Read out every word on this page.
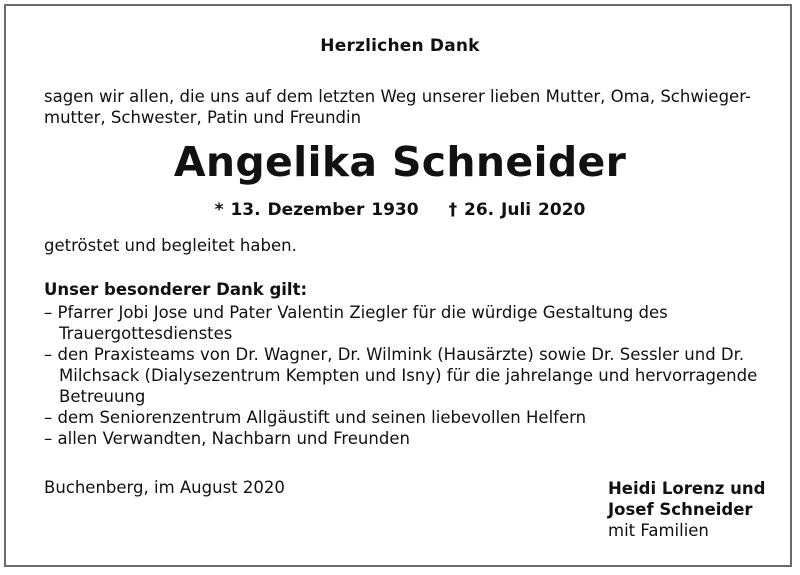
Herzlichen Dank
sagen wir allen, die uns auf dem letzten Weg unserer lieben Mutter, Oma, Schwieger-
mutter, Schwester, Patin und Freundin
Angelika Schneider
* 13. Dezember 1930 † 26. Juli 2020
getröstet und begleitet haben.
Unser besonderer Dank gilt:
– Pfarrer Jobi Jose und Pater Valentin Ziegler für die würdige Gestaltung des Trauergottesdienstes
– den Praxisteams von Dr. Wagner, Dr. Wilmink (Hausärzte) sowie Dr. Sessler und Dr. Milchsack (Dialysezentrum Kempten und Isny) für die jahrelange und hervorragende Betreuung
– dem Seniorenzentrum Allgäustift und seinen liebevollen Helfern
– allen Verwandten, Nachbarn und Freunden
Buchenberg, im August 2020	Heidi Lorenz und
Josef Schneider
mit Familien
